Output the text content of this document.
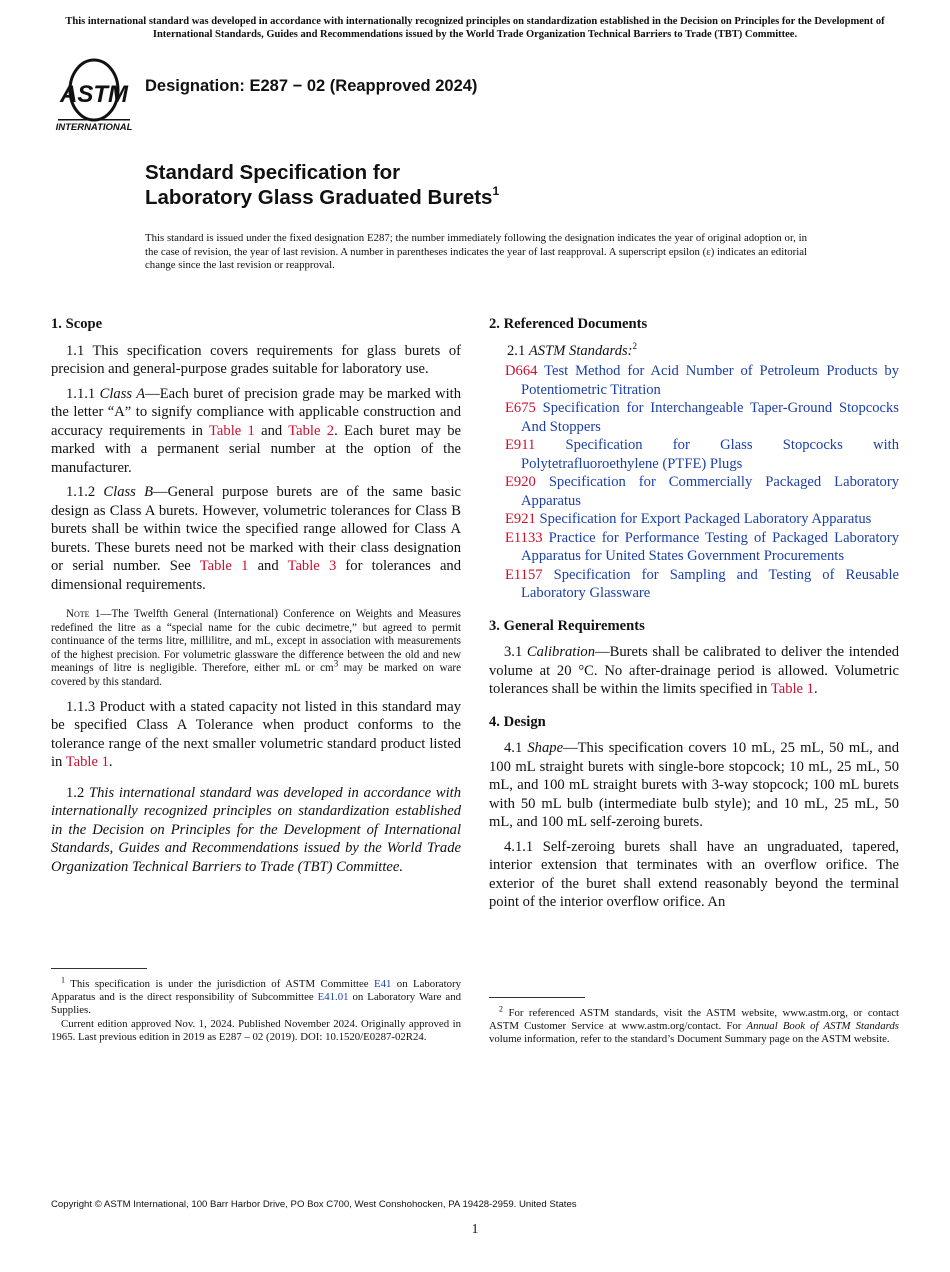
This international standard was developed in accordance with internationally recognized principles on standardization established in the Decision on Principles for the Development of International Standards, Guides and Recommendations issued by the World Trade Organization Technical Barriers to Trade (TBT) Committee.
ASTM
INTERNATIONAL
Designation: E287 − 02 (Reapproved 2024)
Standard Specification for
Laboratory Glass Graduated Burets$^1$
This standard is issued under the fixed designation E287; the number immediately following the designation indicates the year of original adoption or, in the case of revision, the year of last revision. A number in parentheses indicates the year of last reapproval. A superscript epsilon (ε) indicates an editorial change since the last revision or reapproval.
1. Scope

1.1 This specification covers requirements for glass burets of precision and general-purpose grades suitable for laboratory use.

1.1.1 Class A—Each buret of precision grade may be marked with the letter “A” to signify compliance with applicable construction and accuracy requirements in Table 1 and Table 2. Each buret may be marked with a permanent serial number at the option of the manufacturer.

1.1.2 Class B—General purpose burets are of the same basic design as Class A burets. However, volumetric tolerances for Class B burets shall be within twice the specified range allowed for Class A burets. These burets need not be marked with their class designation or serial number. See Table 1 and Table 3 for tolerances and dimensional requirements.

Note 1—The Twelfth General (International) Conference on Weights and Measures redefined the litre as a “special name for the cubic decimetre,” but agreed to permit continuance of the terms litre, millilitre, and mL, except in association with measurements of the highest precision. For volumetric glassware the difference between the old and new meanings of litre is negligible. Therefore, either mL or $cm^3$ may be marked on ware covered by this standard.

1.1.3 Product with a stated capacity not listed in this standard may be specified Class A Tolerance when product conforms to the tolerance range of the next smaller volumetric standard product listed in Table 1.

1.2 This international standard was developed in accordance with internationally recognized principles on standardization established in the Decision on Principles for the Development of International Standards, Guides and Recommendations issued by the World Trade Organization Technical Barriers to Trade (TBT) Committee.

2. Referenced Documents
2.1 ASTM Standards:$^2$
D664 Test Method for Acid Number of Petroleum Products by Potentiometric Titration
E675 Specification for Interchangeable Taper-Ground Stopcocks And Stoppers
E911 Specification for Glass Stopcocks with Polytetrafluoroethylene (PTFE) Plugs
E920 Specification for Commercially Packaged Laboratory Apparatus
E921 Specification for Export Packaged Laboratory Apparatus
E1133 Practice for Performance Testing of Packaged Laboratory Apparatus for United States Government Procurements
E1157 Specification for Sampling and Testing of Reusable Laboratory Glassware
3. General Requirements

3.1 Calibration—Burets shall be calibrated to deliver the intended volume at 20 °C. No after-drainage period is allowed. Volumetric tolerances shall be within the limits specified in Table 1.

4. Design

4.1 Shape—This specification covers 10 mL, 25 mL, 50 mL, and 100 mL straight burets with single-bore stopcock; 10 mL, 25 mL, 50 mL, and 100 mL straight burets with 3-way stopcock; 100 mL burets with 50 mL bulb (intermediate bulb style); and 10 mL, 25 mL, 50 mL, and 100 mL self-zeroing burets.

4.1.1 Self-zeroing burets shall have an ungraduated, tapered, interior extension that terminates with an overflow orifice. The exterior of the buret shall extend reasonably beyond the terminal point of the interior overflow orifice. An

$^1$ This specification is under the jurisdiction of ASTM Committee E41 on Laboratory Apparatus and is the direct responsibility of Subcommittee E41.01 on Laboratory Ware and Supplies.

Current edition approved Nov. 1, 2024. Published November 2024. Originally approved in 1965. Last previous edition in 2019 as E287 – 02 (2019). DOI: 10.1520/E0287-02R24.

$^2$ For referenced ASTM standards, visit the ASTM website, www.astm.org, or contact ASTM Customer Service at www.astm.org/contact. For Annual Book of ASTM Standards volume information, refer to the standard’s Document Summary page on the ASTM website.

Copyright © ASTM International, 100 Barr Harbor Drive, PO Box C700, West Conshohocken, PA 19428-2959. United States
1
